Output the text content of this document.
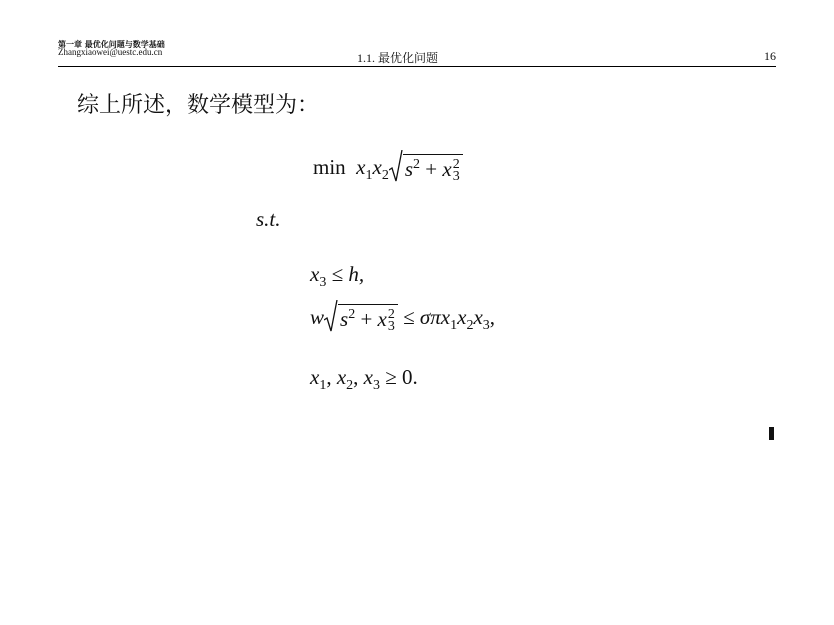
第一章 最优化问题与数学基础
Zhangxiaowei@uestc.edu.cn	1.1. 最优化问题	16
综上所述，数学模型为：
$\min x_1x_2$ $s^2 + x$ 2
3
s.t.
$x_3 \le h$,
w $s^2 + x$ 2
$3 \le \sigma\pi x_1x_2x_3$,
$x_1$, $x_2$, $x_3 \ge 0$.
